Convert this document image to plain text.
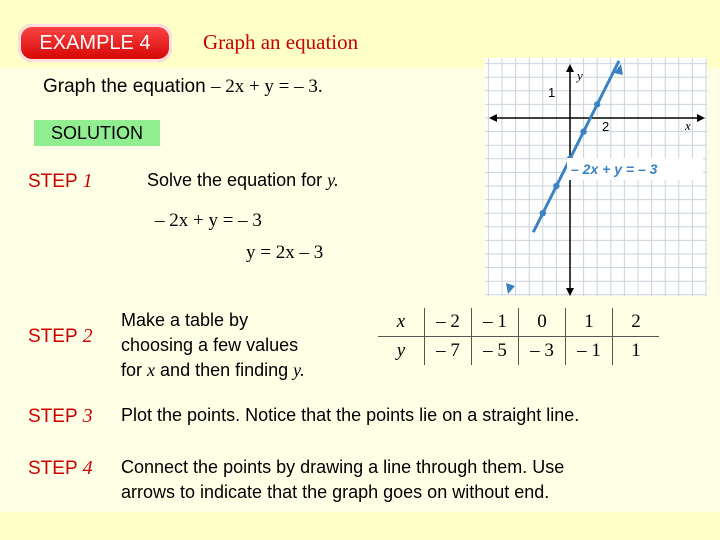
EXAMPLE 4	Graph an equation
Graph the equation – 2x + y = – 3.
SOLUTION
STEP 1	Solve the equation for y.
– 2x + y = – 3
y = 2x – 3
STEP 2
Make a table by
choosing a few values
for x and then finding y.
x	– 2	– 1	0	1	2
y	– 7	– 5	– 3	– 1	1
STEP 3 Plot the points. Notice that the points lie on a straight line.
STEP 4 Connect the points by drawing a line through them. Use
arrows to indicate that the graph goes on without end.
y
x
1
2
– 2x + y = – 3
